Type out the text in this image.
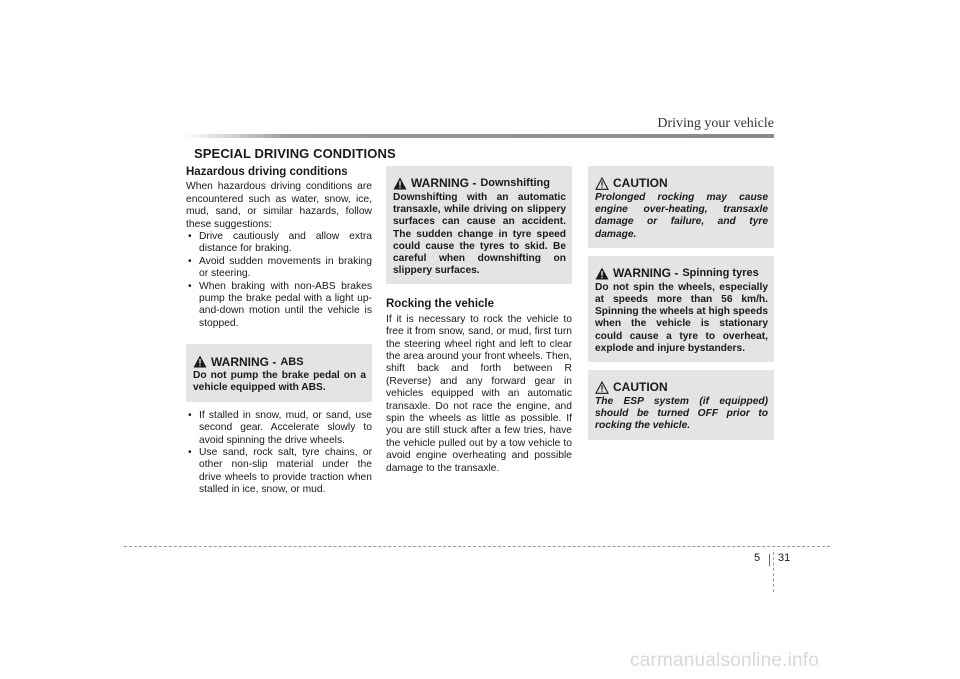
Driving your vehicle
SPECIAL DRIVING CONDITIONS
Hazardous driving conditions

When hazardous driving conditions are encountered such as water, snow, ice, mud, sand, or similar hazards, follow these suggestions:

• Drive cautiously and allow extra distance for braking.
• Avoid sudden movements in braking or steering.
• When braking with non-ABS brakes pump the brake pedal with a light up-and-down motion until the vehicle is stopped.
WARNING - ABS
Do not pump the brake pedal on a vehicle equipped with ABS.
• If stalled in snow, mud, or sand, use second gear. Accelerate slowly to avoid spinning the drive wheels.
• Use sand, rock salt, tyre chains, or other non-slip material under the drive wheels to provide traction when stalled in ice, snow, or mud.
WARNING - Downshifting
Downshifting with an automatic transaxle, while driving on slippery surfaces can cause an accident. The sudden change in tyre speed could cause the tyres to skid. Be careful when downshifting on slippery surfaces.
Rocking the vehicle

If it is necessary to rock the vehicle to free it from snow, sand, or mud, first turn the steering wheel right and left to clear the area around your front wheels. Then, shift back and forth between R (Reverse) and any forward gear in vehicles equipped with an automatic transaxle. Do not race the engine, and spin the wheels as little as possible. If you are still stuck after a few tries, have the vehicle pulled out by a tow vehicle to avoid engine overheating and possible damage to the transaxle.

CAUTION
Prolonged rocking may cause engine over-heating, transaxle damage or failure, and tyre damage.
WARNING - Spinning tyres
Do not spin the wheels, especially at speeds more than 56 km/h. Spinning the wheels at high speeds when the vehicle is stationary could cause a tyre to overheat, explode and injure bystanders.
CAUTION
The ESP system (if equipped) should be turned OFF prior to rocking the vehicle.
5 31
carmanualsonline.info
